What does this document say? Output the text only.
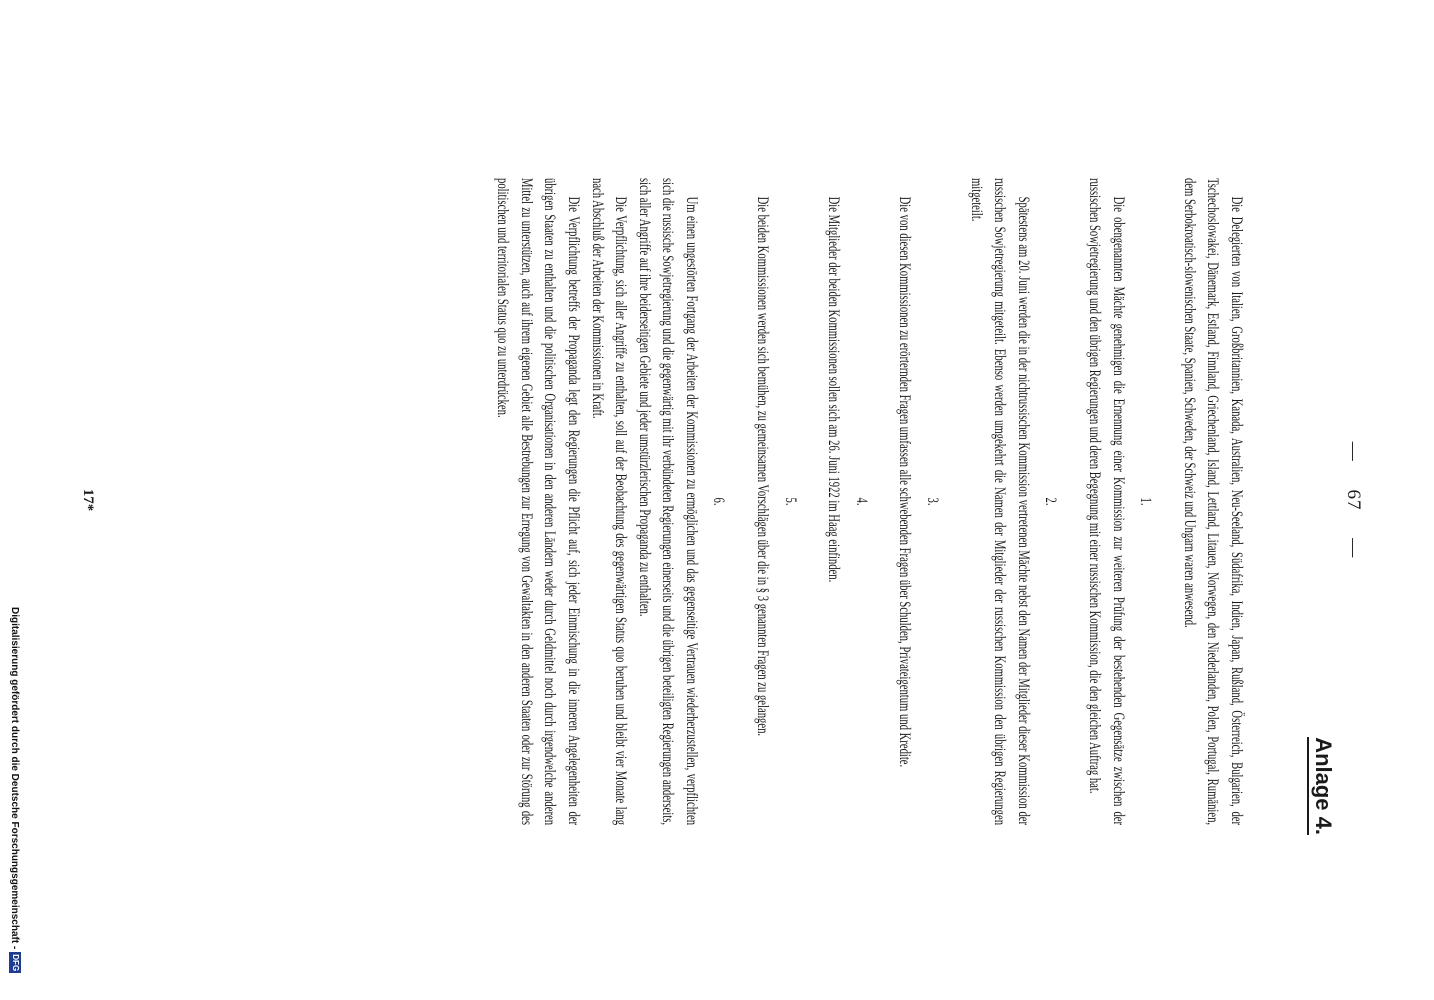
— 67 —
Anlage 4.

Die Delegierten von Italien, Großbritannien, Kanada, Australien, Neu-Seeland, Südafrika, Indien, Japan, Rußland, Österreich, Bulgarien, der Tschechoslowakei, Dänemark, Estland, Finnland, Griechenland, Island, Lettland, Litauen, Norwegen, den Niederlanden, Polen, Portugal, Rumänien, dem Serbokroatisch-slowenischen Staate, Spanien, Schweden, der Schweiz und Ungarn waren anwesend.

1.

Die obengenannten Mächte genehmigen die Ernennung einer Kommission zur weiteren Prüfung der bestehenden Gegensätze zwischen der russischen Sowjetregierung und den übrigen Regierungen und deren Begegnung mit einer russischen Kommission, die den gleichen Auftrag hat.

2.

Spätestens am 20. Juni werden die in der nichtrussischen Kommission vertretenen Mächte nebst den Namen der Mitglieder dieser Kommission der russischen Sowjetregierung mitgeteilt. Ebenso werden umgekehrt die Namen der Mitglieder der russischen Kommission den übrigen Regierungen mitgeteilt.

3.

Die von diesen Kommissionen zu erörternden Fragen umfassen alle schwebenden Fragen über Schulden, Privateigentum und Kredite.

4.

Die Mitglieder der beiden Kommissionen sollen sich am 26. Juni 1922 im Haag einfinden.

5.

Die beiden Kommissionen werden sich bemühen, zu gemeinsamen Vorschlägen über die in § 3 genannten Fragen zu gelangen.

6.

Um einen ungestörten Fortgang der Arbeiten der Kommissionen zu ermöglichen und das gegenseitige Vertrauen wiederherzustellen, verpflichten sich die russische Sowjetregierung und die gegenwärtig mit ihr verbündeten Regierungen einerseits und die übrigen beteiligten Regierungen anderseits, sich aller Angriffe auf ihre beiderseitigen Gebiete und jeder umstürzlerischen Propaganda zu enthalten.

Die Verpflichtung, sich aller Angriffe zu enthalten, soll auf der Beobachtung des gegenwärtigen Status quo beruhen und bleibt vier Monate lang nach Abschluß der Arbeiten der Kommissionen in Kraft.

Die Verpflichtung betreffs der Propaganda legt den Regierungen die Pflicht auf, sich jeder Einmischung in die inneren Angelegenheiten der übrigen Staaten zu enthalten und die politischen Organisationen in den anderen Ländern weder durch Geldmittel noch durch irgendwelche anderen Mittel zu unterstützen, auch auf ihrem eigenen Gebiet alle Bestrebungen zur Erregung von Gewaltakten in den anderen Staaten oder zur Störung des politischen und territorialen Status quo zu unterdrücken.

17*
Digitalisierung gefördert durch die Deutsche Forschungsgemeinschaft -DFG
